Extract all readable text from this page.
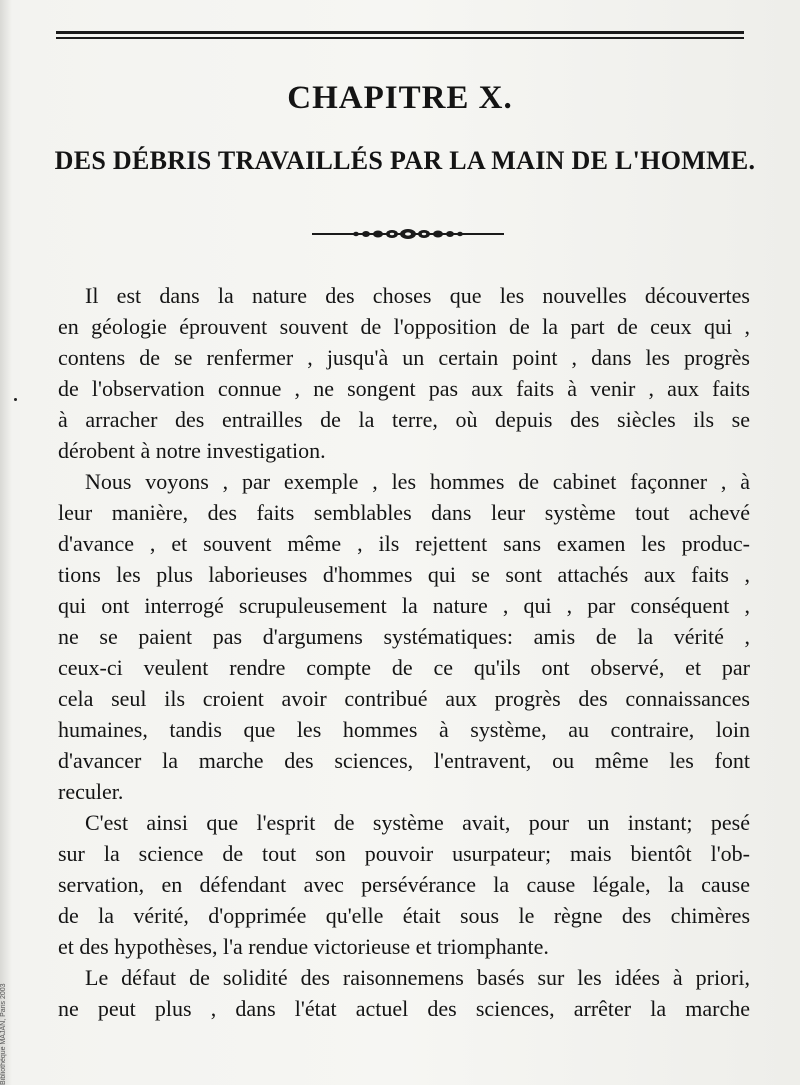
CHAPITRE X.
DES DÉBRIS TRAVAILLÉS PAR LA MAIN DE L'HOMME.
Il est dans la nature des choses que les nouvelles découvertes
en géologie éprouvent souvent de l'opposition de la part de ceux qui ,
contens de se renfermer , jusqu'à un certain point , dans les progrès
de l'observation connue , ne songent pas aux faits à venir , aux faits
à arracher des entrailles de la terre, où depuis des siècles ils se
dérobent à notre investigation.
Nous voyons , par exemple , les hommes de cabinet façonner , à
leur manière, des faits semblables dans leur système tout achevé
d'avance , et souvent même , ils rejettent sans examen les produc-
tions les plus laborieuses d'hommes qui se sont attachés aux faits ,
qui ont interrogé scrupuleusement la nature , qui , par conséquent ,
ne se paient pas d'argumens systématiques: amis de la vérité ,
ceux-ci veulent rendre compte de ce qu'ils ont observé, et par
cela seul ils croient avoir contribué aux progrès des connaissances
humaines, tandis que les hommes à système, au contraire, loin
d'avancer la marche des sciences, l'entravent, ou même les font
reculer.
C'est ainsi que l'esprit de système avait, pour un instant; pesé
sur la science de tout son pouvoir usurpateur; mais bientôt l'ob-
servation, en défendant avec persévérance la cause légale, la cause
de la vérité, d'opprimée qu'elle était sous le règne des chimères
et des hypothèses, l'a rendue victorieuse et triomphante.
Le défaut de solidité des raisonnemens basés sur les idées à priori,
ne peut plus , dans l'état actuel des sciences, arrêter la marche
Bibliothèque MAJAN, Paris 2003
